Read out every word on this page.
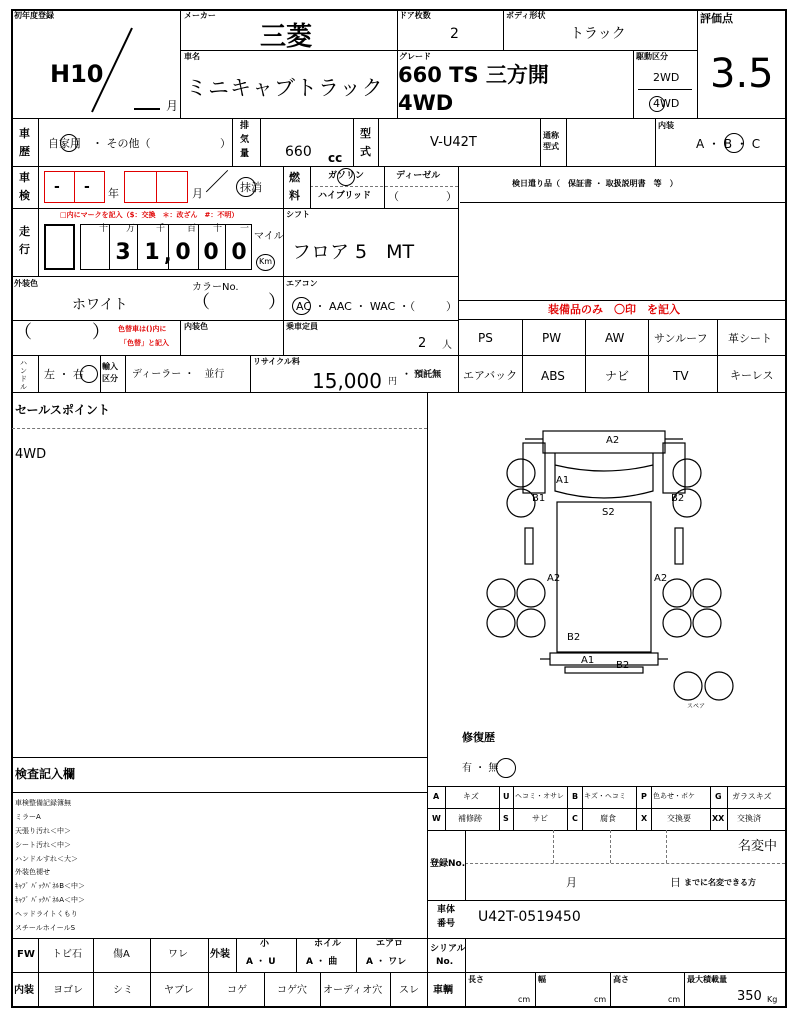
初年度登録
H10
月
メーカー
三菱
ドア枚数
2
ボディ形状
トラック
評価点
3.5
車名
ミニキャブトラック
グレード
660 TS 三方開
4WD
駆動区分
2WD
4WD
車
歴
自家用　・ その他（	）
排
気
量	660 cc
型
式
V-U42T	通称
型式
内装
A ・ B ・ C
車
検
- - 年	月 ／ 抹消
燃
料
ガソリン	ディーゼル
ハイブリッド （	）
検日遣り品（　保証書 ・ 取扱説明書　等　）
走
行
□内にマークを記入（$：交換　＊：改ざん　#：不明）
十 万 千 百 十 一
3 1 , 0 0 0
マイル
Km
シフト
フロア 5　MT
外装色
ホワイト
カラーNo.
（	）
エアコン
AC ・ AAC ・ WAC ・（	）	装備品のみ　〇印　を記入
（	） 色替車は()内に
「色替」と記入
内装色	乗車定員
2 人
PS	PW	AW	サンルーフ 革シート
エアバック ABS	ナビ	TV	キーレス
ハンドル
左 ・ 右
輸入区分	ディーラー ・　並行
リサイクル料
15,000 円
・ 預託無
セールスポイント
4WD
A2
A1
B1	B2
S2
A2	A2
B2
A1 B2
スペア
修復歴
有 ・ 無
検査記入欄
車検整備記録簿無
ミラーA
天張り汚れ＜中＞
シート汚れ＜中＞
ハンドルすれ＜大＞
外装色褪せ
ｷｬﾌﾞ ﾊﾞｯｸﾊﾟﾈﾙB＜中＞
ｷｬﾌﾞ ﾊﾞｯｸﾊﾟﾈﾙA＜中＞
ヘッドライトくもり
スチールホイールS
A	キズ	U ヘコミ・オサレ B キズ・ヘコミ P 色あせ・ボケ	G ガラスキズ
W 補修跡	S	サビ	C	腐食	X 交換要	XX 交換済
登録No.
名変中
月	日 までに名変できる方
車体
番号 U42T-0519450
FW トビ石	傷A	ワレ 外装
小	ホイル	エアロ
A ・ U	A ・ 曲	A ・ ワレ
シリアル
No.
内装 ヨゴレ	シミ	ヤブレ	コゲ	コゲ穴 オーディオ穴 スレ 車輌
長さ
cm
幅
cm
高さ
cm
最大積載量
350 Kg
